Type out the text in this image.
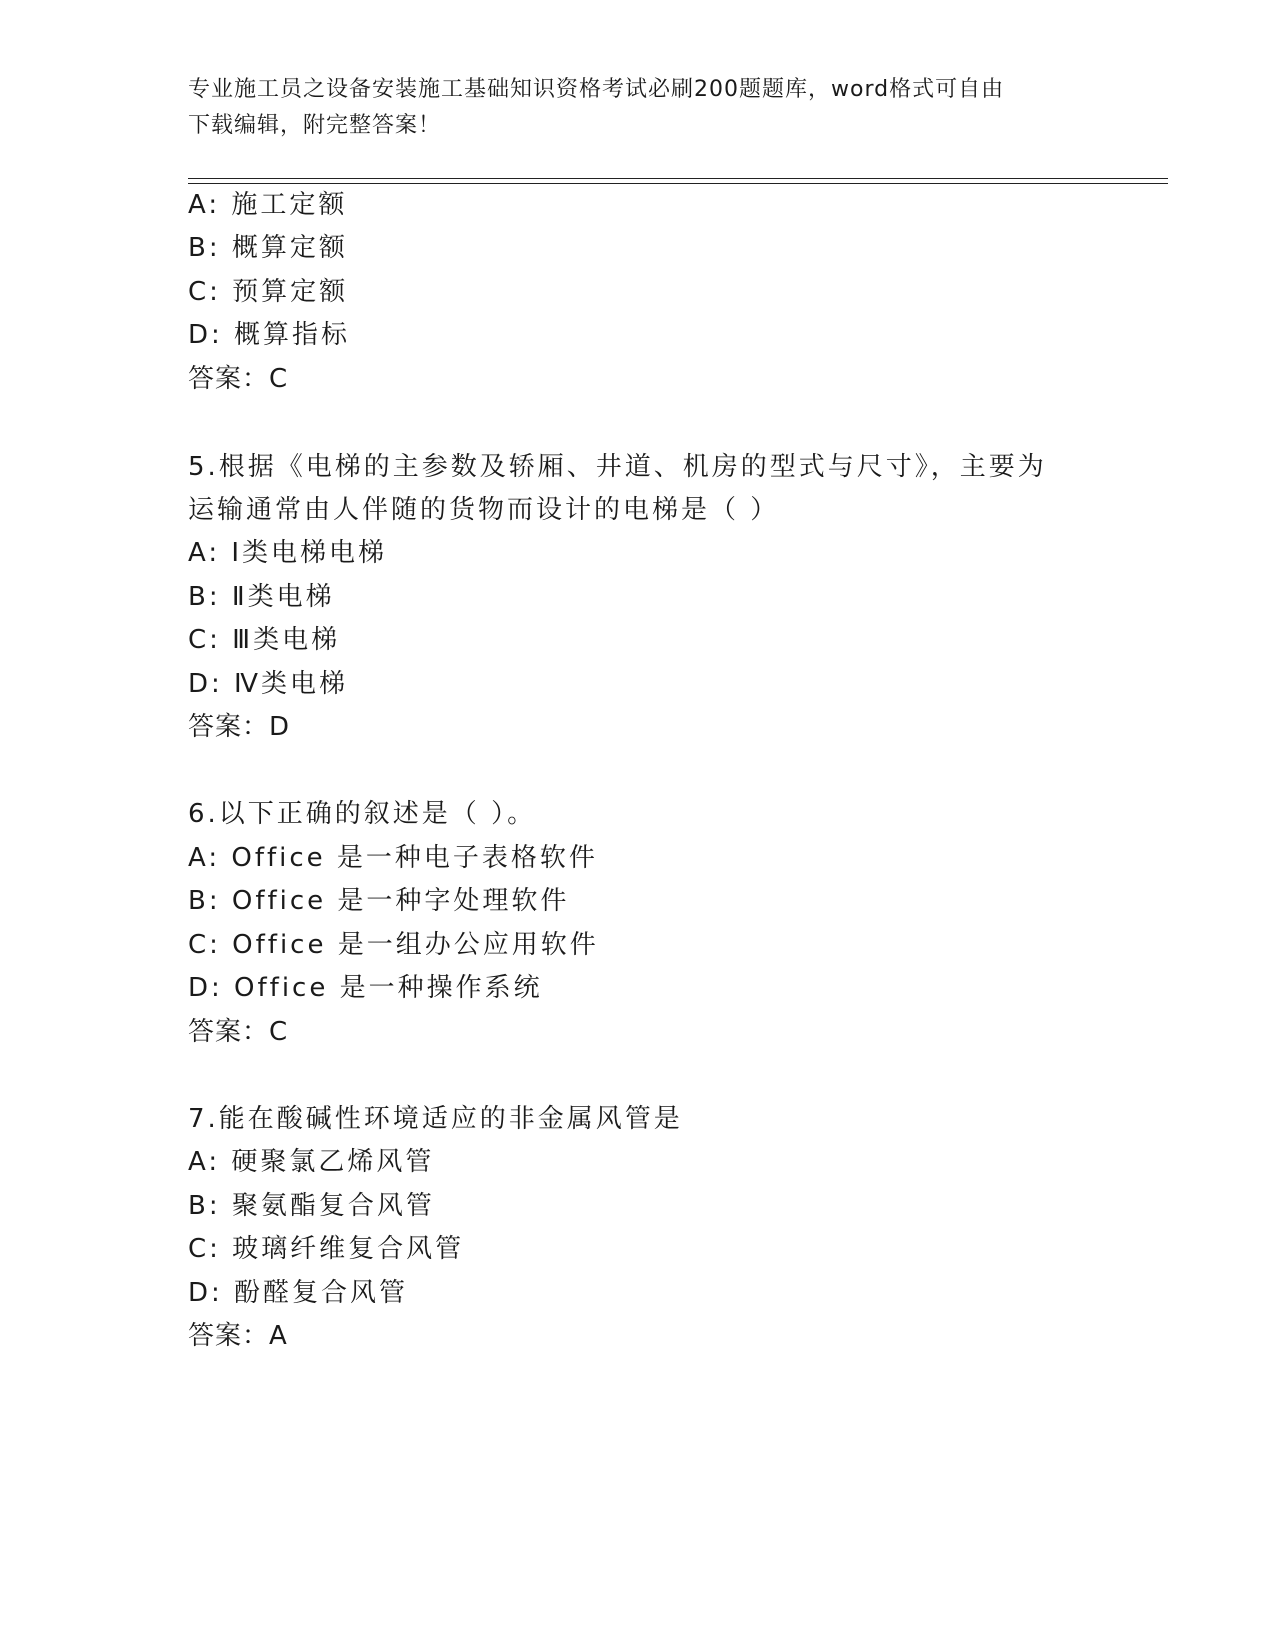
专业施工员之设备安装施工基础知识资格考试必刷200题题库，word格式可自由
下载编辑，附完整答案！
A: 施工定额
B: 概算定额
C: 预算定额
D: 概算指标
答案：C
5.根据《电梯的主参数及轿厢、井道、机房的型式与尺寸》，主要为
运输通常由人伴随的货物而设计的电梯是（ ）
A: Ⅰ类电梯电梯
B: Ⅱ类电梯
C: Ⅲ类电梯
D: Ⅳ类电梯
答案：D
6.以下正确的叙述是（ ）。
A: Office 是一种电子表格软件
B: Office 是一种字处理软件
C: Office 是一组办公应用软件
D: Office 是一种操作系统
答案：C
7.能在酸碱性环境适应的非金属风管是
A: 硬聚氯乙烯风管
B: 聚氨酯复合风管
C: 玻璃纤维复合风管
D: 酚醛复合风管
答案：A
